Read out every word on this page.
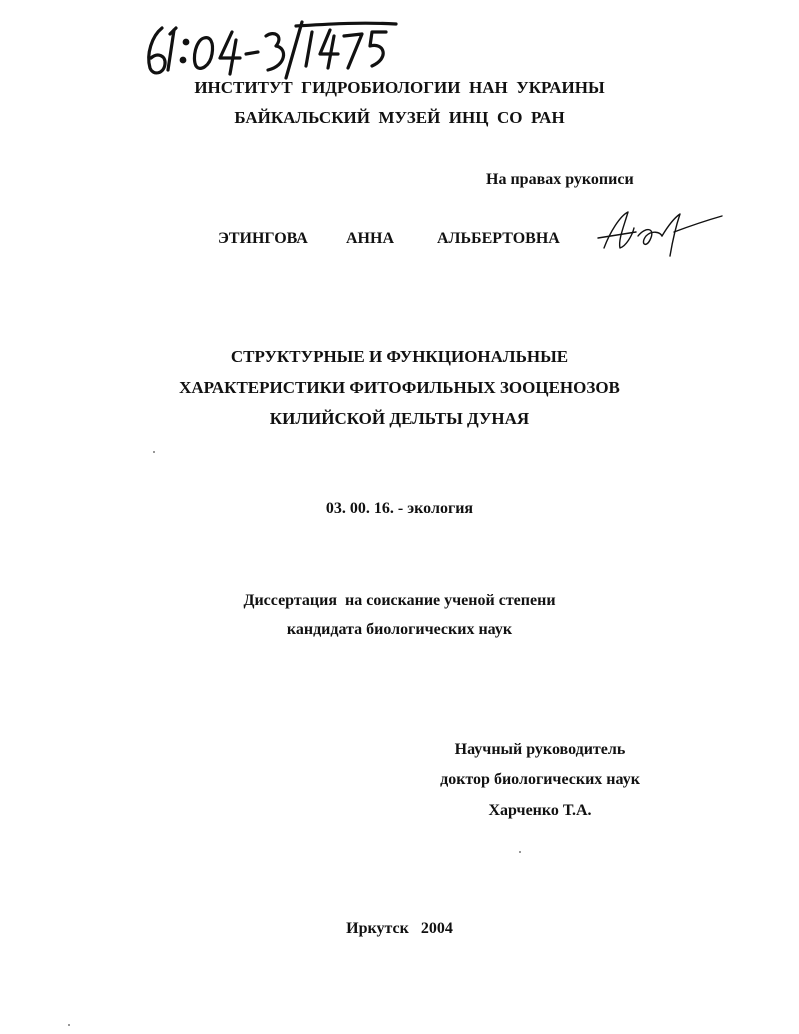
ИНСТИТУТ  ГИДРОБИОЛОГИИ  НАН  УКРАИНЫ
БАЙКАЛЬСКИЙ  МУЗЕЙ  ИНЦ  СО  РАН
На правах рукописи
ЭТИНГОВА АННА	АЛЬБЕРТОВНА
СТРУКТУРНЫЕ И ФУНКЦИОНАЛЬНЫЕ
ХАРАКТЕРИСТИКИ ФИТОФИЛЬНЫХ ЗООЦЕНОЗОВ
КИЛИЙСКОЙ ДЕЛЬТЫ ДУНАЯ
03. 00. 16. - экология
Диссертация  на соискание ученой степени
кандидата биологических наук
Научный руководитель
доктор биологических наук
Харченко Т.А.
Иркутск   2004
